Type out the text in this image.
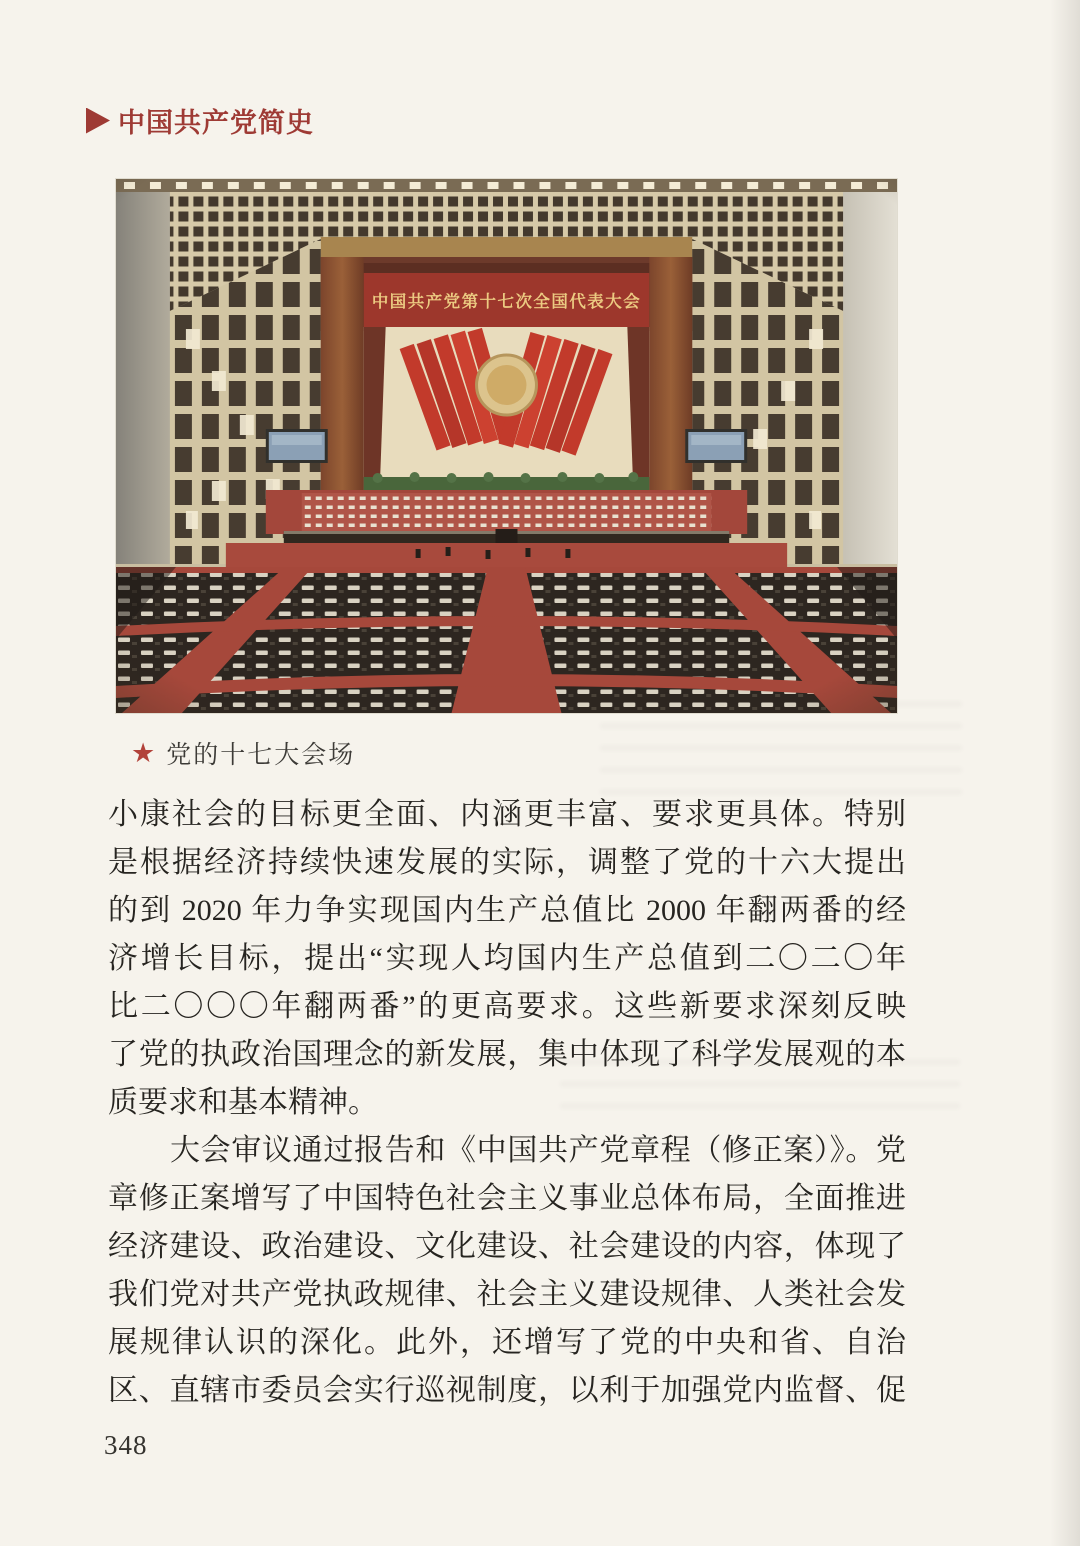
中国共产党简史
★ 党的十七大会场

小康社会的目标更全面、内涵更丰富、要求更具体。特别

是根据经济持续快速发展的实际，调整了党的十六大提出

的到 2020 年力争实现国内生产总值比 2000 年翻两番的经

济增长目标，提出“实现人均国内生产总值到二〇二〇年

比二〇〇〇年翻两番”的更高要求。这些新要求深刻反映

了党的执政治国理念的新发展，集中体现了科学发展观的本

质要求和基本精神。

大会审议通过报告和《中国共产党章程（修正案）》。党

章修正案增写了中国特色社会主义事业总体布局，全面推进

经济建设、政治建设、文化建设、社会建设的内容，体现了

我们党对共产党执政规律、社会主义建设规律、人类社会发

展规律认识的深化。此外，还增写了党的中央和省、自治

区、直辖市委员会实行巡视制度，以利于加强党内监督、促

348
